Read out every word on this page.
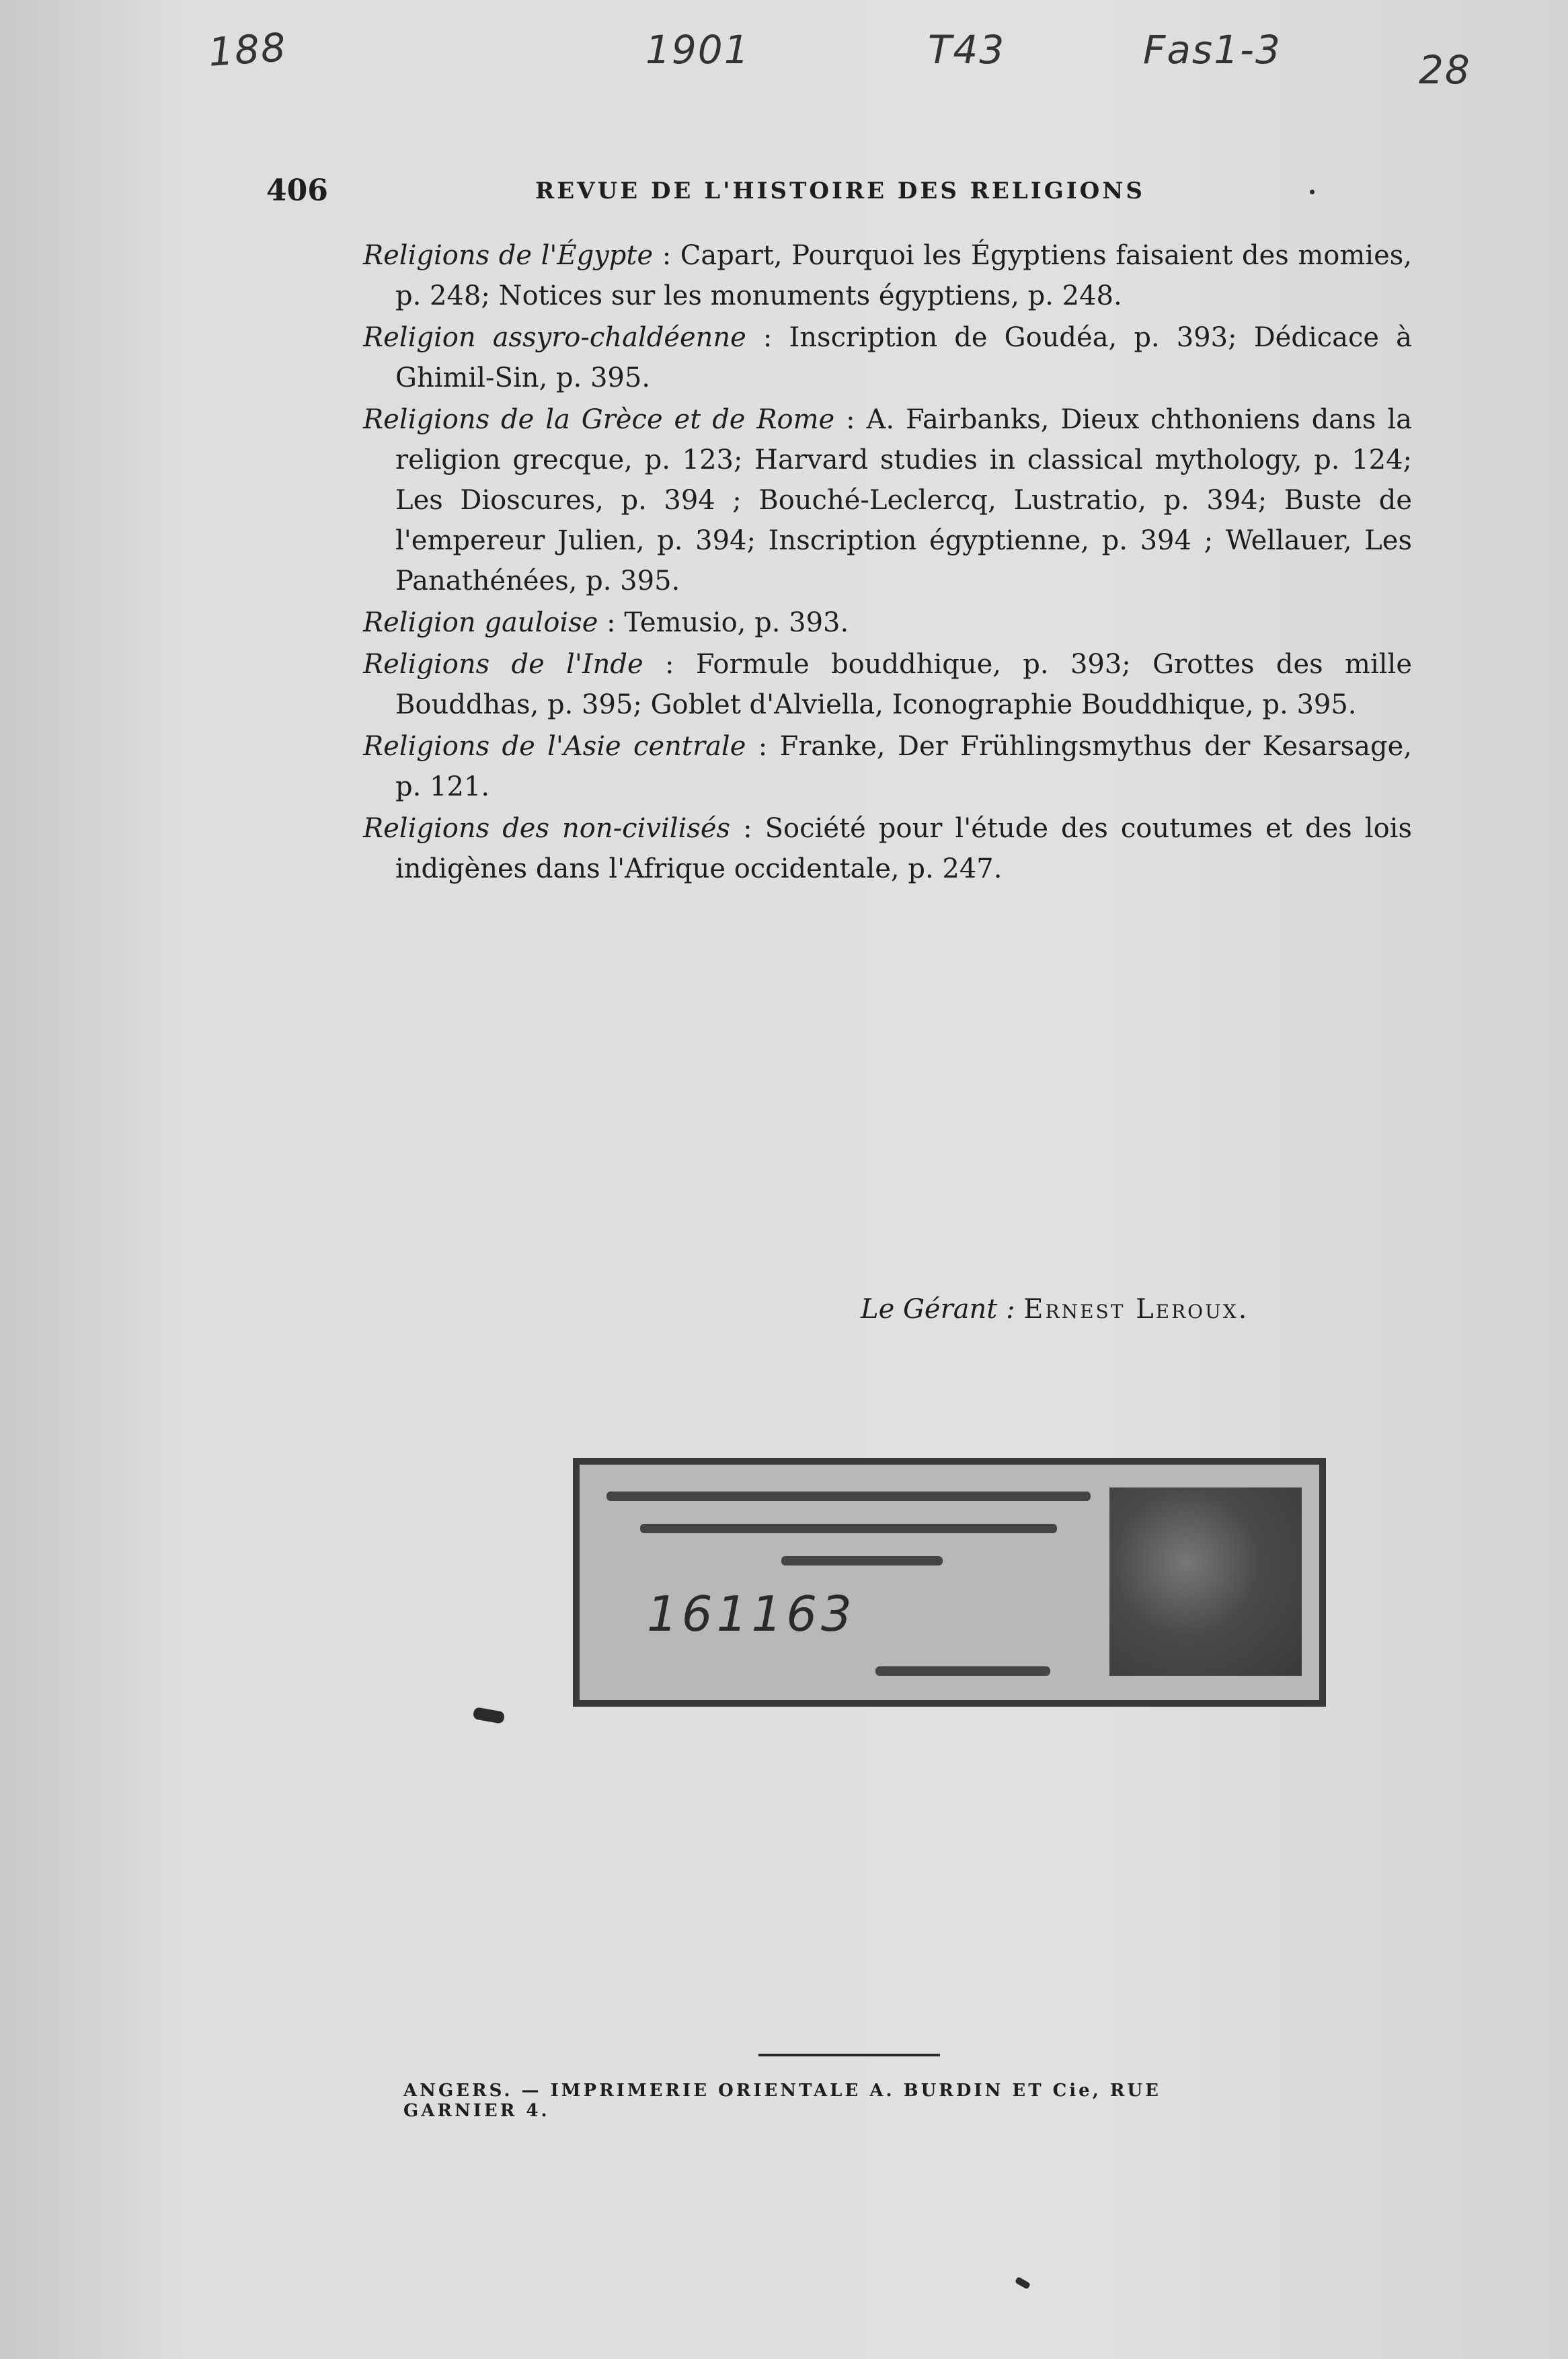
188	1901	T43	Fas1-3	28
406	REVUE DE L'HISTOIRE DES RELIGIONS

Religions de l'Égypte : Capart, Pourquoi les Égyptiens faisaient des momies, p. 248; Notices sur les monuments égyptiens, p. 248.

Religion assyro-chaldéenne : Inscription de Goudéa, p. 393; Dédicace à Ghimil-Sin, p. 395.

Religions de la Grèce et de Rome : A. Fairbanks, Dieux chthoniens dans la religion grecque, p. 123; Harvard studies in classical mythology, p. 124; Les Dioscures, p. 394 ; Bouché-Leclercq, Lustratio, p. 394; Buste de l'empereur Julien, p. 394; Inscription égyptienne, p. 394 ; Wellauer, Les Panathénées, p. 395.

Religion gauloise : Temusio, p. 393.

Religions de l'Inde : Formule bouddhique, p. 393; Grottes des mille Bouddhas, p. 395; Goblet d'Alviella, Iconographie Bouddhique, p. 395.

Religions de l'Asie centrale : Franke, Der Frühlingsmythus der Kesarsage, p. 121.

Religions des non-civilisés : Société pour l'étude des coutumes et des lois indigènes dans l'Afrique occidentale, p. 247.

Le Gérant : Ernest Leroux.
161163
ANGERS. — IMPRIMERIE ORIENTALE A. BURDIN ET Cie, RUE GARNIER 4.
